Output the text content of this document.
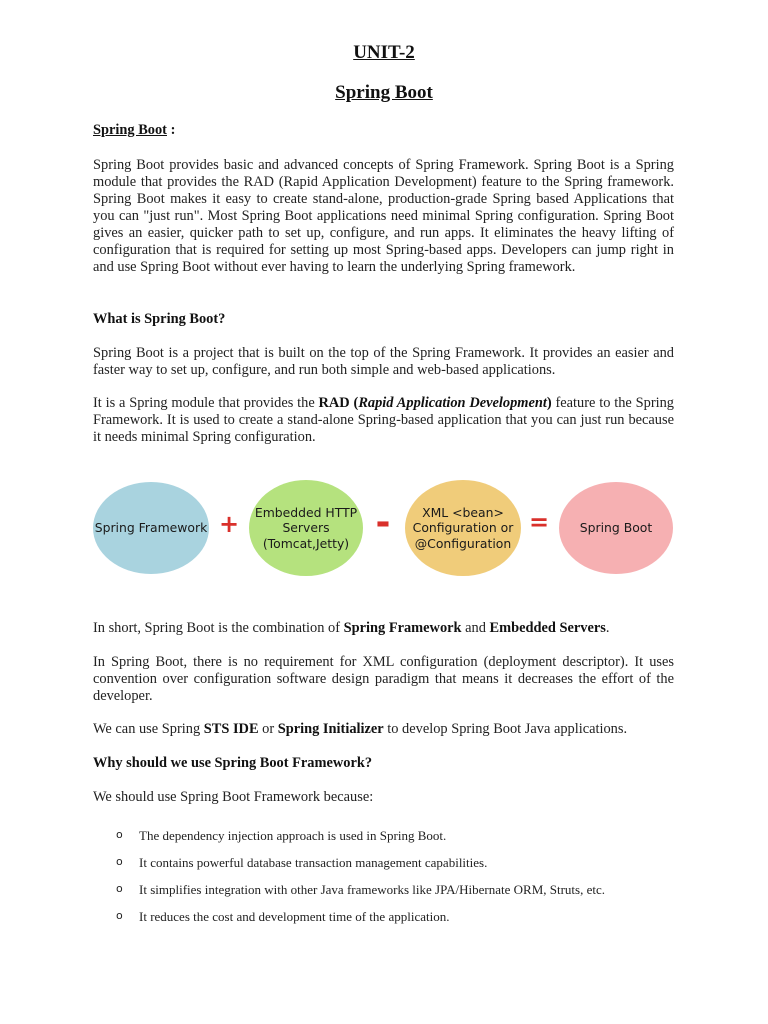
UNIT-2
Spring Boot
Spring Boot :
Spring Boot provides basic and advanced concepts of Spring Framework. Spring Boot is a Spring module that provides the RAD (Rapid Application Development) feature to the Spring framework. Spring Boot makes it easy to create stand-alone, production-grade Spring based Applications that you can "just run". Most Spring Boot applications need minimal Spring configuration. Spring Boot gives an easier, quicker path to set up, configure, and run apps. It eliminates the heavy lifting of configuration that is required for setting up most Spring-based apps. Developers can jump right in and use Spring Boot without ever having to learn the underlying Spring framework.
What is Spring Boot?
Spring Boot is a project that is built on the top of the Spring Framework. It provides an easier and faster way to set up, configure, and run both simple and web-based applications.
It is a Spring module that provides the RAD (Rapid Application Development) feature to the Spring Framework. It is used to create a stand-alone Spring-based application that you can just run because it needs minimal Spring configuration.
Spring Framework + Embedded HTTP
Servers
(Tomcat,Jetty)
-	XML <bean>
Configuration or
@Configuration
= Spring Boot
In short, Spring Boot is the combination of Spring Framework and Embedded Servers.
In Spring Boot, there is no requirement for XML configuration (deployment descriptor). It uses convention over configuration software design paradigm that means it decreases the effort of the developer.
We can use Spring STS IDE or Spring Initializer to develop Spring Boot Java applications.
Why should we use Spring Boot Framework?
We should use Spring Boot Framework because:
o The dependency injection approach is used in Spring Boot.
o It contains powerful database transaction management capabilities.
o It simplifies integration with other Java frameworks like JPA/Hibernate ORM, Struts, etc.
o It reduces the cost and development time of the application.
